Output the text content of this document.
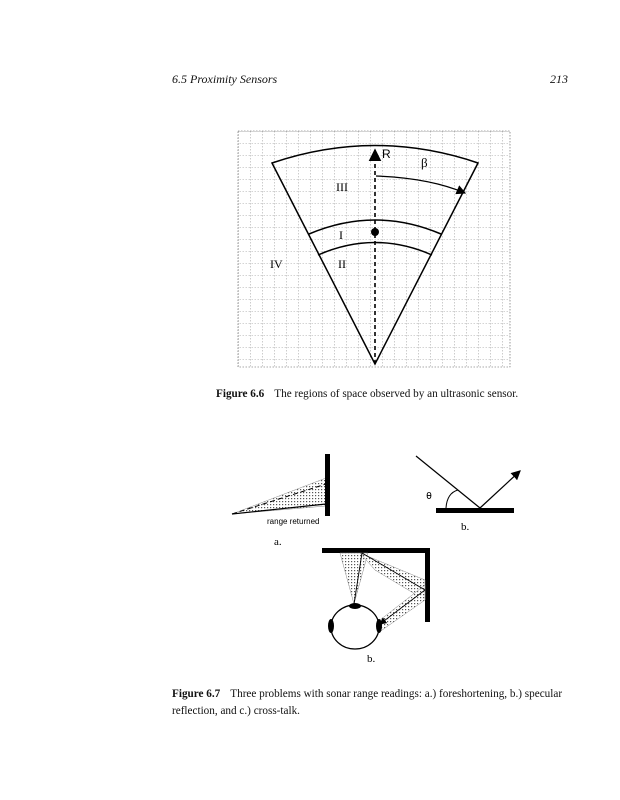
6.5 Proximity Sensors	213
R
β
III
I
II
IV
range returned
a.
θ
b.
b.
Figure 6.6 The regions of space observed by an ultrasonic sensor.
Figure 6.7 Three problems with sonar range readings: a.) foreshortening, b.) specular reflection, and c.) cross-talk.
